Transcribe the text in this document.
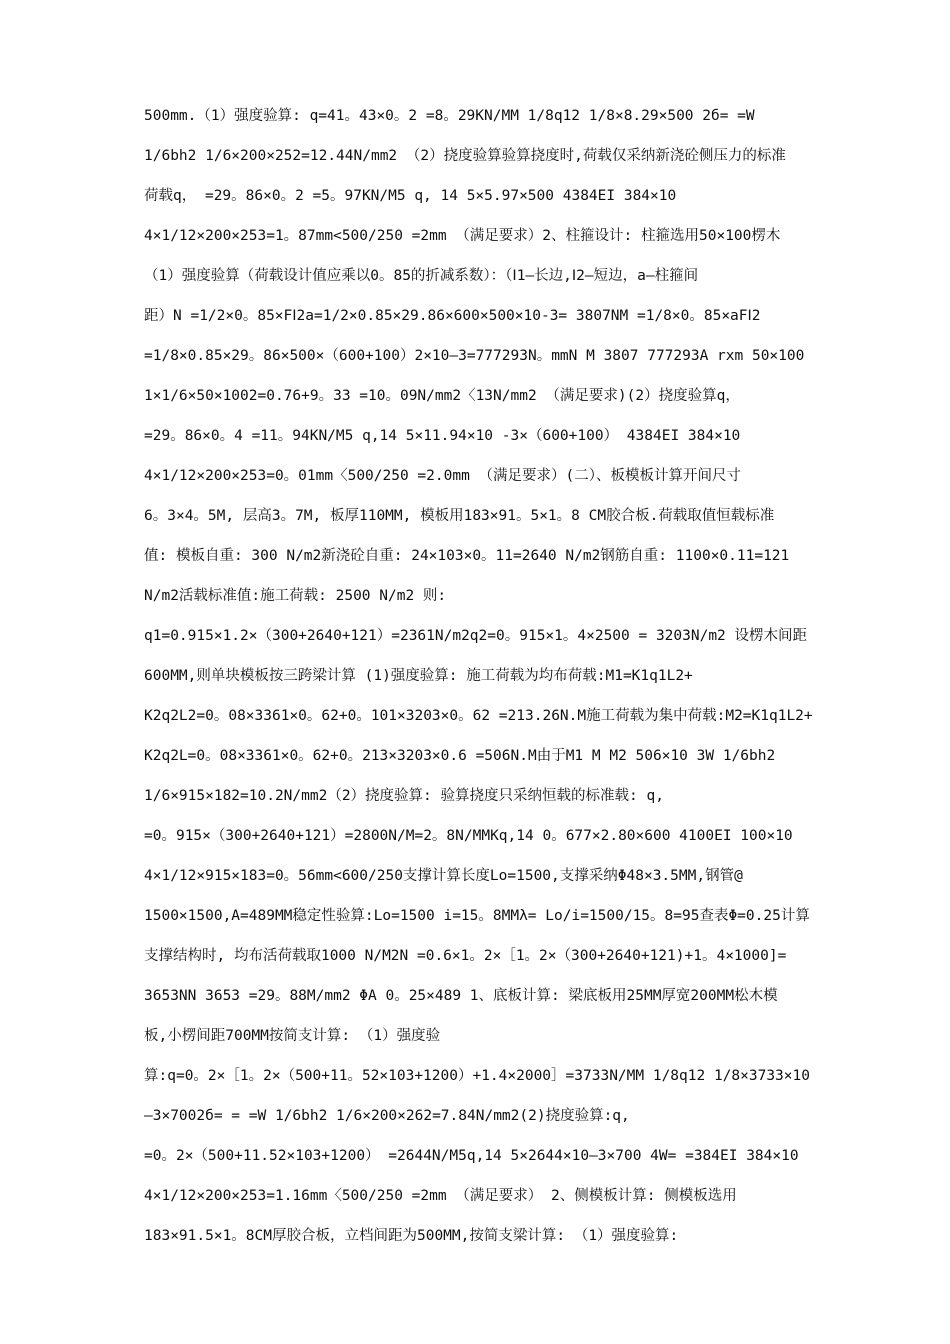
500mm.（1）强度验算: q=41。43×0。2 =8。29KN/MM 1/8q12 1/8×8.29×500 2б= =W
1/6bh2 1/6×200×252=12.44N/mm2 （2）挠度验算验算挠度时,荷载仅采纳新浇砼侧压力的标准
荷载q， =29。86×0。2 =5。97KN/M5 q, 14 5×5.97×500 4384EI 384×10
4×1/12×200×253=1。87mm<500/250 =2mm （满足要求）2、柱箍设计: 柱箍选用50×100楞木
（1）强度验算（荷载设计值应乘以0。85的折减系数）：（Ⅰ1—长边,Ⅰ2—短边，a—柱箍间
距）N =1/2×0。85×FⅠ2a=1/2×0.85×29.86×600×500×10-3= 3807NM =1/8×0。85×aFⅠ2
=1/8×0.85×29。86×500×（600+100）2×10—3=777293N。mmN M 3807 777293A rxm 50×100
1×1/6×50×1002=0.76+9。33 =10。09N/mm2〈13N/mm2 （满足要求)(2）挠度验算q，
=29。86×0。4 =11。94KN/M5 q,14 5×11.94×10 -3×（600+100） 4384EI 384×10
4×1/12×200×253=0。01mm〈500/250 =2.0mm （满足要求）(二）、板模板计算开间尺寸
6。3×4。5M, 层高3。7M, 板厚110MM, 模板用183×91。5×1。8 CM胶合板.荷载取值恒载标准
值: 模板自重: 300 N/m2新浇砼自重: 24×103×0。11=2640 N/m2钢筋自重: 1100×0.11=121
N/m2活载标准值:施工荷载: 2500 N/m2 则:
q1=0.915×1.2×（300+2640+121）=2361N/m2q2=0。915×1。4×2500 = 3203N/m2 设楞木间距
600MM,则单块模板按三跨梁计算 (1)强度验算: 施工荷载为均布荷载:M1=K1q1L2+
K2q2L2=0。08×3361×0。62+0。101×3203×0。62 =213.26N.M施工荷载为集中荷载:M2=K1q1L2+
K2q2L=0。08×3361×0。62+0。213×3203×0.6 =506N.M由于M1 M M2 506×10 3W 1/6bh2
1/6×915×182=10.2N/mm2（2）挠度验算: 验算挠度只采纳恒载的标准载: q,
=0。915×（300+2640+121）=2800N/M=2。8N/MMKq,14 0。677×2.80×600 4100EI 100×10
4×1/12×915×183=0。56mm<600/250支撑计算长度Lo=1500,支撑采纳Φ48×3.5MM,钢管@
1500×1500,A=489MM稳定性验算:Lo=1500 i=15。8MMλ= Lo/i=1500/15。8=95查表Φ=0.25计算
支撑结构时, 均布活荷载取1000 N/M2N =0.6×1。2×［1。2×（300+2640+121)+1。4×1000]=
3653NN 3653 =29。88M/mm2 ΦA 0。25×489 1、底板计算: 梁底板用25MM厚宽200MM松木模
板,小楞间距700MM按简支计算: （1）强度验
算:q=0。2×［1。2×（500+11。52×103+1200）+1.4×2000］=3733N/MM 1/8q12 1/8×3733×10
—3×7002б= = =W 1/6bh2 1/6×200×262=7.84N/mm2(2)挠度验算:q,
=0。2×（500+11.52×103+1200） =2644N/M5q,14 5×2644×10—3×700 4W= =384EI 384×10
4×1/12×200×253=1.16mm〈500/250 =2mm （满足要求） 2、侧模板计算: 侧模板选用
183×91.5×1。8CM厚胶合板，立档间距为500MM,按简支梁计算: （1）强度验算:
